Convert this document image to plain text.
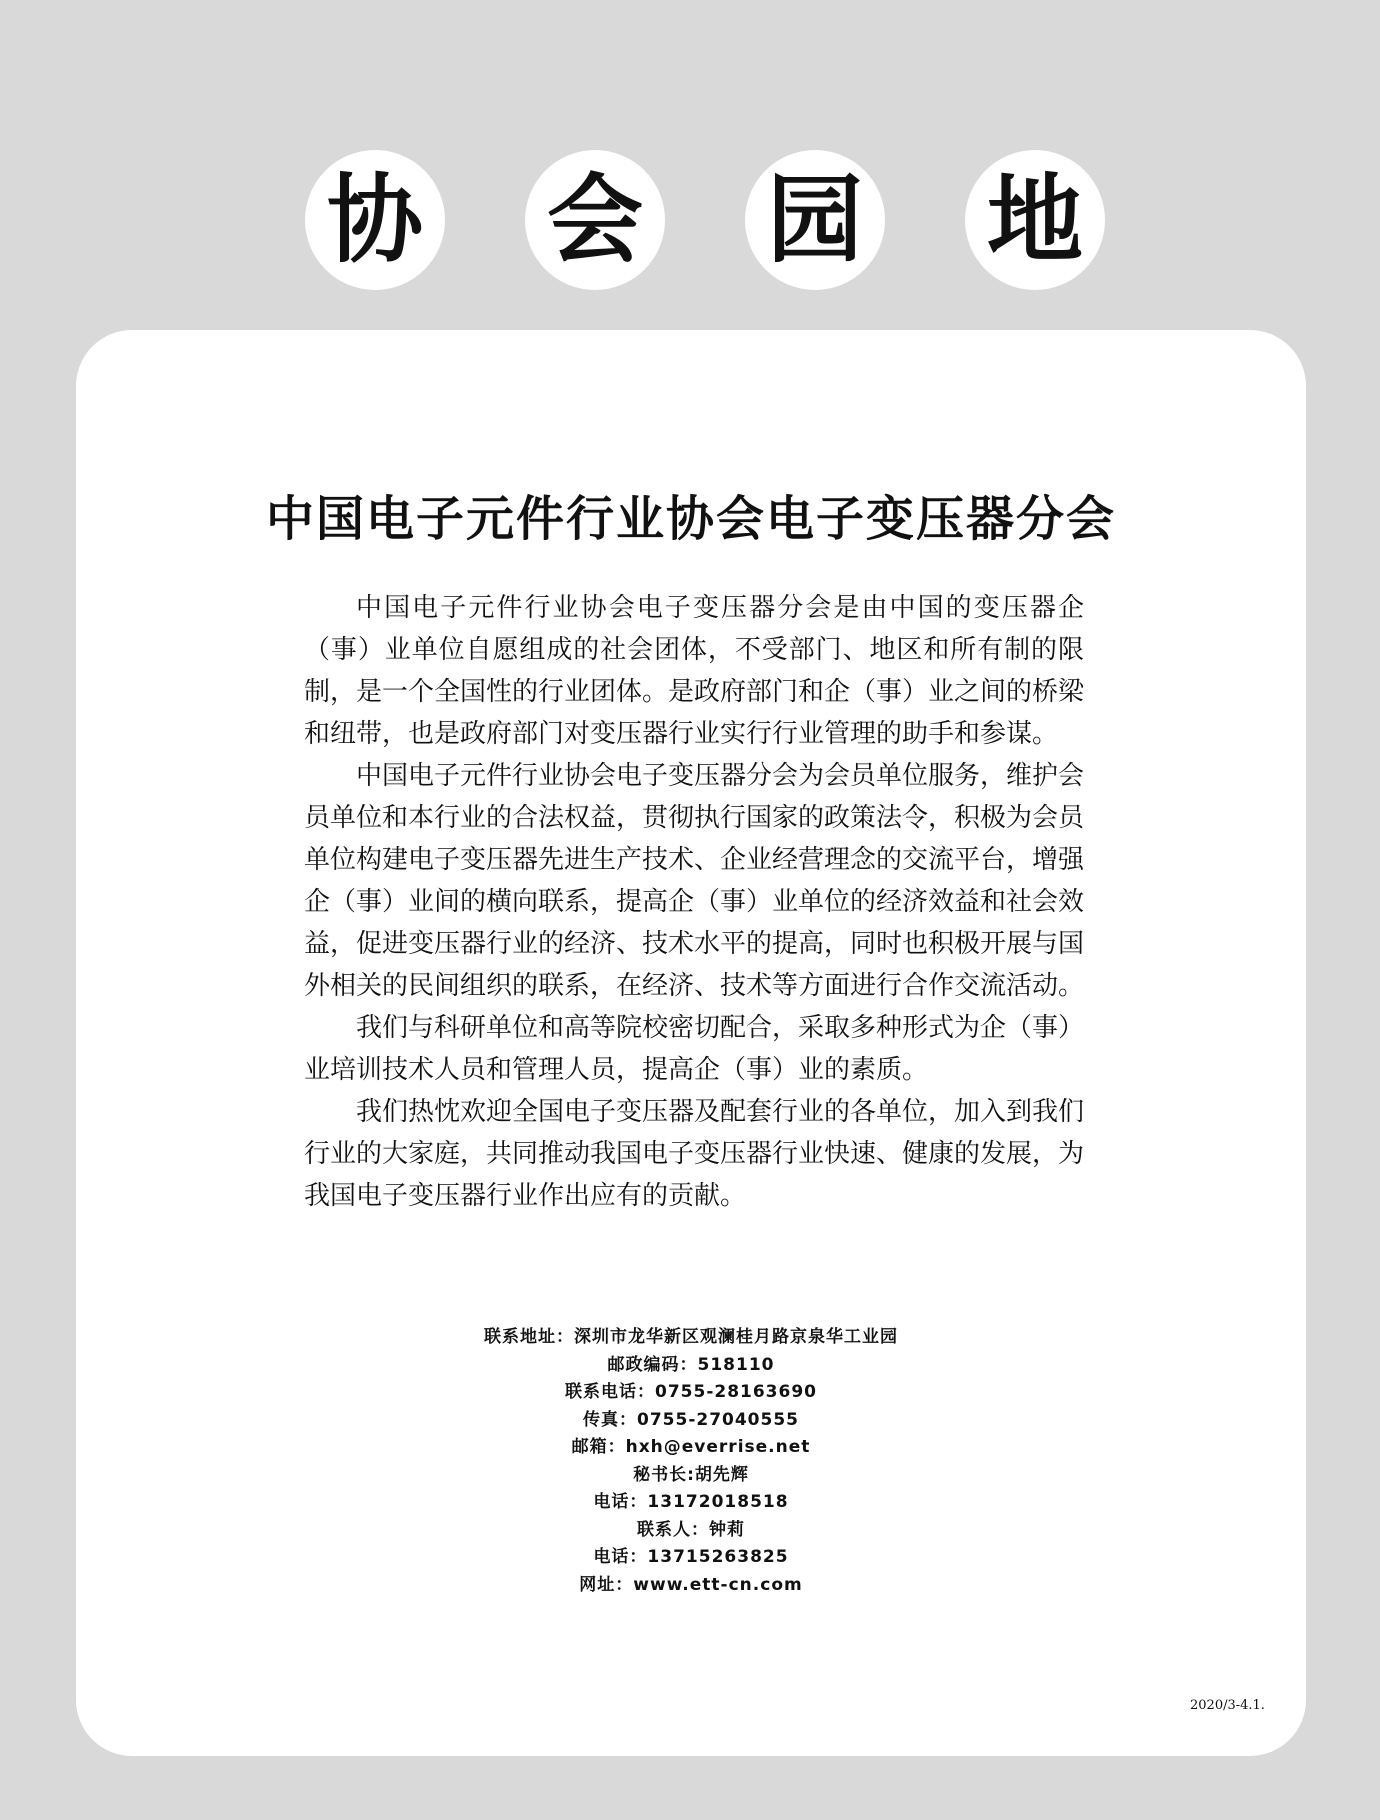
协 会 园 地
中国电子元件行业协会电子变压器分会

中国电子元件行业协会电子变压器分会是由中国的变压器企（事）业单位自愿组成的社会团体，不受部门、地区和所有制的限制，是一个全国性的行业团体。是政府部门和企（事）业之间的桥梁和纽带，也是政府部门对变压器行业实行行业管理的助手和参谋。

中国电子元件行业协会电子变压器分会为会员单位服务，维护会员单位和本行业的合法权益，贯彻执行国家的政策法令，积极为会员单位构建电子变压器先进生产技术、企业经营理念的交流平台，增强企（事）业间的横向联系，提高企（事）业单位的经济效益和社会效益，促进变压器行业的经济、技术水平的提高，同时也积极开展与国外相关的民间组织的联系，在经济、技术等方面进行合作交流活动。

我们与科研单位和高等院校密切配合，采取多种形式为企（事）业培训技术人员和管理人员，提高企（事）业的素质。

我们热忱欢迎全国电子变压器及配套行业的各单位，加入到我们行业的大家庭，共同推动我国电子变压器行业快速、健康的发展，为我国电子变压器行业作出应有的贡献。

联系地址：深圳市龙华新区观澜桂月路京泉华工业园
邮政编码：518110
联系电话：0755-28163690
传真：0755-27040555
邮箱：hxh@everrise.net
秘书长:胡先辉
电话：13172018518
联系人：钟莉
电话：13715263825
网址：www.ett-cn.com
2020/3-4.1.
